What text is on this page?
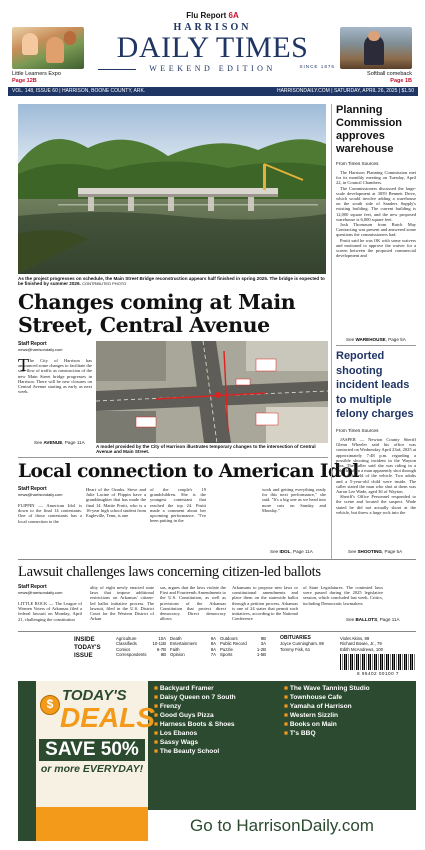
Flu Report 6A
Little Learners Expo
Page 12B
Softball comeback
Page 1B
HARRISON
DAILY TIMES
WEEKEND EDITION	SINCE 1876
VOL. 148, ISSUE 60 | HARRISON, BOONE COUNTY, ARK.	HARRISONDAILY.COM | SATURDAY, APRIL 26, 2025 | $1.50
As the project progresses on schedule, the Main Street Bridge reconstruction appears half finished in spring 2025. The bridge is expected to be finished by summer 2026. CONTRIBUTED PHOTO
Changes coming at Main Street, Central Avenue
Staff Report
news@harrisondaily.com
T
The City of Harrison has announced some changes to facilitate the safe flow of traffic as construction of the new Main Street bridge progresses in Harrison. There will be new closures on Central Avenue starting as early as next week.
See AVENUE, Page 11A
A model provided by the City of Harrison illustrates temporary changes to the intersection of Central Avenue and Main Street.
Local connection to American Idol
Staff Report
news@harrisondaily.com
FLIPPIN — American Idol is down to the final 14 contestants. One of those contestants has a local connection to the
Heart of the Ozarks. Steve and Julie Lacine of Flippin have a granddaughter that has made the final 14. Mattie Pruitt, who is a 16-year high school student from Eagleville, Tenn, is one
of the couple's 19 grandchildren. She is the youngest contestant that reached the top 24. Pruitt made a comment about her upcoming performance. "I've been putting in the
work and getting everything ready for this next performance," she said. "It's a big one as we head into more cuts on Sunday and Monday."
See IDOL, Page 11A
Planning Commission approves warehouse
From Times Sources

The Harrison Planning Commission met for its monthly meeting on Tuesday, April 22, in Council Chambers.

The Commissioners discussed the large-scale development at 3059 Bennett Drive, which would involve adding a warehouse on the south side of Sanders Supply's existing building. The current building is 12,000 square feet, and the new proposed warehouse is 6,000 square feet.

Josh Thomason from Butch May Contracting was present and answered some questions the commissioners had.

Pruitt said he was OK with some waivers and motioned to approve the waiver for a screen between the proposed commercial development and

See WAREHOUSE, Page 5A
Reported shooting incident leads to multiple felony charges
From Times Sources

JASPER — Newton County Sheriff Glenn Wheeler said his office was contacted on Wednesday April 23rd, 2025 at approximately 7:48 p.m. regarding a possible shooting incident in the Wayton area. The caller said she was riding in a vehicle when a man apparently shot through the windshield of the vehicle. Two adults and a 5-year-old child were inside. The caller stated the man who shot at them was Aaron Lee Wade, aged 36 of Wayton.

Sheriff's Office Personnel responded to the scene and located the suspect. Wade stated he did not actually shoot at the vehicle, but threw a large rock into the

See SHOOTING, Page 5A
Lawsuit challenges laws concerning citizen-led ballots
Staff Report
news@harrisondaily.com
LITTLE ROCK — The League of Women Voters of Arkansas filed a federal lawsuit on Monday, April 21, challenging the constitution
ality of eight newly enacted state laws that impose additional restrictions on Arkansas' citizen-led ballot initiative process. The lawsuit, filed in the U.S. District Court for the Western District of Arkan
sas, argues that the laws violate the First and Fourteenth Amendments to the U.S. Constitution, as well as provisions of the Arkansas Constitution that protect direct democracy. Direct democracy allows
Arkansans to propose new laws or constitutional amendments and place them on the statewide ballot through a petition process. Arkansas is one of 24 states that permit such initiatives, according to the National Conference
of State Legislatures. The contested laws were passed during the 2025 legislative session, which concluded last week. Critics, including Democratic lawmakers
See BALLOTS, Page 11A
INSIDE TODAY'S ISSUE
Agriculture	10A
Classifieds	10-11B
Comics	6-7B
Correspondents	8B
Death	9A
Entertainment	8A
Faith	8A
Opinion	7A
Outdoors	9B
Public Record	3A
Puzzle	1-2B
Sports	1-5B
OBITUARIES
Joyce Cunningham, 89
Tommy Fisk, 61
Violet Akins, 89
Richard Bowie, Jr., 79
Edith McAndrews, 100
8 95402 00100 7
$ TODAY'S
DEALS
SAVE 50%
or more EVERYDAY!
■ Backyard Framer
■ Daisy Queen on 7 South
■ Frenzy
■ Good Guys Pizza
■ Harness Boots & Shoes
■ Los Ebanos
■ Sassy Wags
■ The Beauty School
■ The Wave Tanning Studio
■ Townhouse Cafe
■ Yamaha of Harrison
■ Western Sizzlin
■ Books on Main
■ T's BBQ
Go to HarrisonDaily.com
